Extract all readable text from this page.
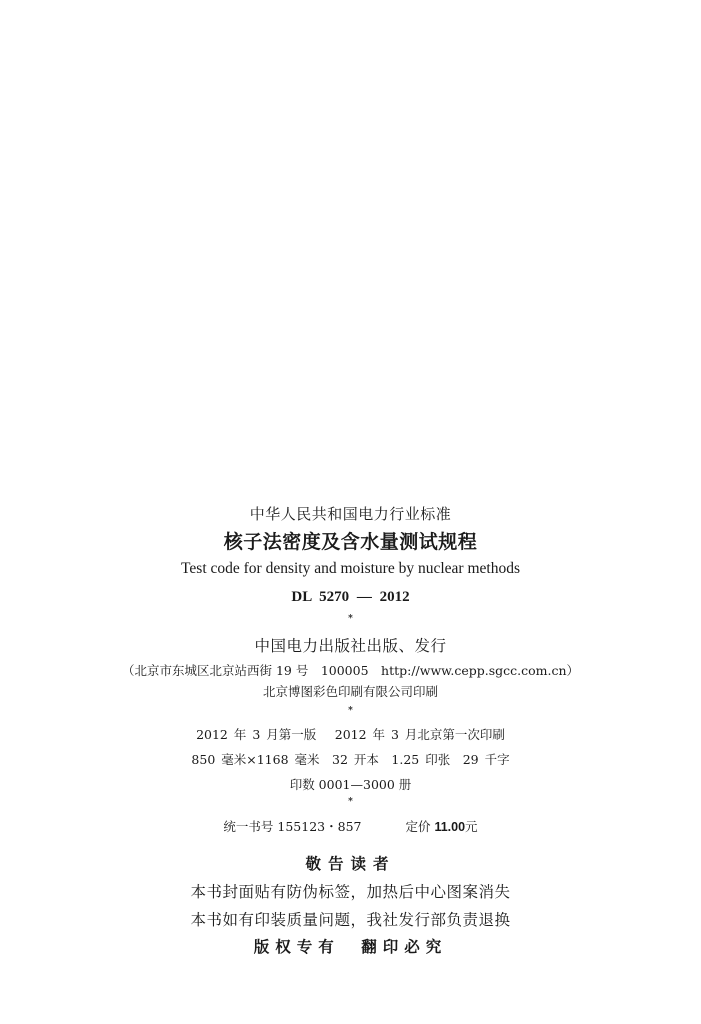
中华人民共和国电力行业标准
核子法密度及含水量测试规程
Test code for density and moisture by nuclear methods
DL 5270 — 2012
*
中国电力出版社出版、发行
（北京市东城区北京站西街 19 号　100005　http://www.cepp.sgcc.com.cn）
北京博图彩色印刷有限公司印刷
*
2012 年 3 月第一版　 2012 年 3 月北京第一次印刷
850 毫米×1168 毫米　32 开本　1.25 印张　29 千字
印数 0001—3000 册
*
统一书号 155123・857	定价 11.00元
敬告读者
本书封面贴有防伪标签，加热后中心图案消失
本书如有印装质量问题，我社发行部负责退换
版权专有　翻印必究
